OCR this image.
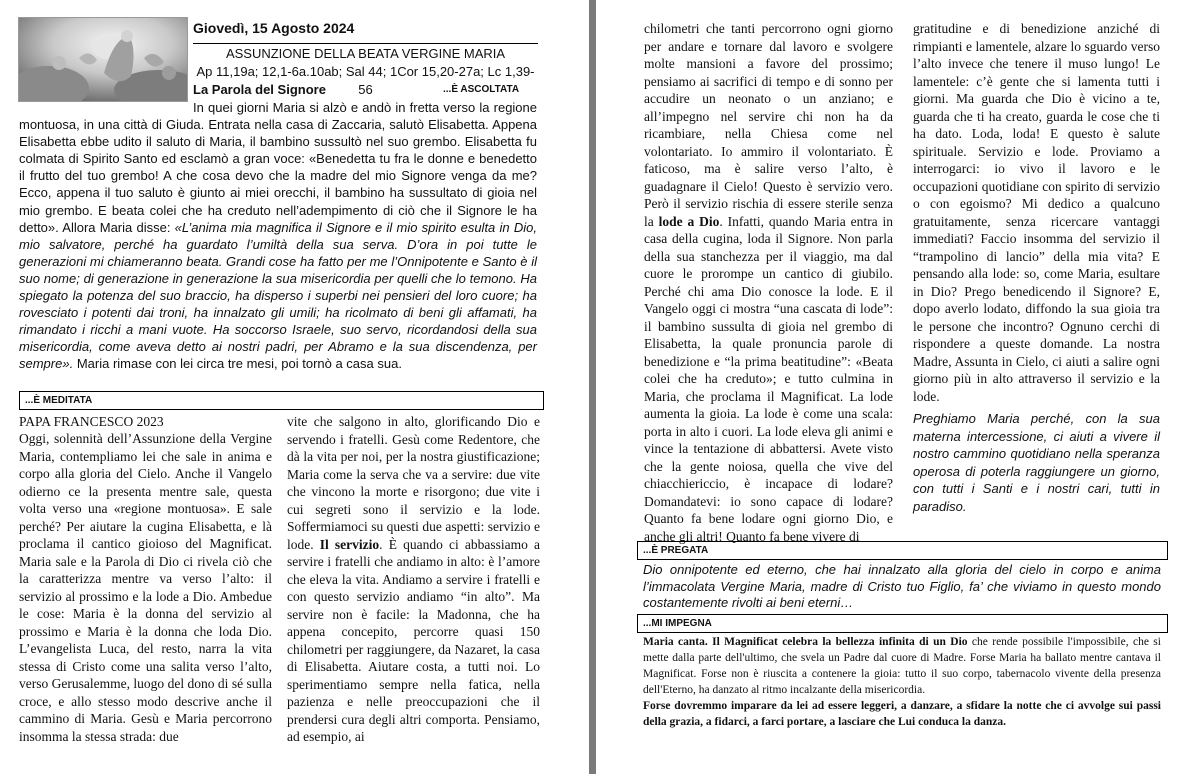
Giovedì, 15 Agosto 2024
ASSUNZIONE DELLA BEATA VERGINE MARIA
Ap 11,19a; 12,1-6a.10ab; Sal 44; 1Cor 15,20-27a; Lc 1,39-56
La Parola del Signore	...È ASCOLTATA

In quei giorni Maria si alzò e andò in fretta verso la regione montuosa, in una città di Giuda. Entrata nella casa di Zaccaria, salutò Elisabetta. Appena Elisabetta ebbe udito il saluto di Maria, il bambino sussultò nel suo grembo. Elisabetta fu colmata di Spirito Santo ed esclamò a gran voce: «Benedetta tu fra le donne e benedetto il frutto del tuo grembo! A che cosa devo che la madre del mio Signore venga da me? Ecco, appena il tuo saluto è giunto ai miei orecchi, il bambino ha sussultato di gioia nel mio grembo. E beata colei che ha creduto nell’adempimento di ciò che il Signore le ha detto». Allora Maria disse: «L’anima mia magnifica il Signore e il mio spirito esulta in Dio, mio salvatore, perché ha guardato l’umiltà della sua serva. D’ora in poi tutte le generazioni mi chiameranno beata. Grandi cose ha fatto per me l’Onnipotente e Santo è il suo nome; di generazione in generazione la sua misericordia per quelli che lo temono. Ha spiegato la potenza del suo braccio, ha disperso i superbi nei pensieri del loro cuore; ha rovesciato i potenti dai troni, ha innalzato gli umili; ha ricolmato di beni gli affamati, ha rimandato i ricchi a mani vuote. Ha soccorso Israele, suo servo, ricordandosi della sua misericordia, come aveva detto ai nostri padri, per Abramo e la sua discendenza, per sempre». Maria rimase con lei circa tre mesi, poi tornò a casa sua.

...È MEDITATA
PAPA FRANCESCO 2023
Oggi, solennità dell’Assunzione della Vergine Maria, contempliamo lei che sale in anima e corpo alla gloria del Cielo. Anche il Vangelo odierno ce la presenta mentre sale, questa volta verso una «regione montuosa». E sale perché? Per aiutare la cugina Elisabetta, e là proclama il cantico gioioso del Magnificat. Maria sale e la Parola di Dio ci rivela ciò che la caratterizza mentre va verso l’alto: il servizio al prossimo e la lode a Dio. Ambedue le cose: Maria è la donna del servizio al prossimo e Maria è la donna che loda Dio. L’evangelista Luca, del resto, narra la vita stessa di Cristo come una salita verso l’alto, verso Gerusalemme, luogo del dono di sé sulla croce, e allo stesso modo descrive anche il cammino di Maria. Gesù e Maria percorrono insomma la stessa strada: due
vite che salgono in alto, glorificando Dio e servendo i fratelli. Gesù come Redentore, che dà la vita per noi, per la nostra giustificazione; Maria come la serva che va a servire: due vite che vincono la morte e risorgono; due vite i cui segreti sono il servizio e la lode. Soffermiamoci su questi due aspetti: servizio e lode. Il servizio. È quando ci abbassiamo a servire i fratelli che andiamo in alto: è l’amore che eleva la vita. Andiamo a servire i fratelli e con questo servizio andiamo “in alto”. Ma servire non è facile: la Madonna, che ha appena concepito, percorre quasi 150 chilometri per raggiungere, da Nazaret, la casa di Elisabetta. Aiutare costa, a tutti noi. Lo sperimentiamo sempre nella fatica, nella pazienza e nelle preoccupazioni che il prendersi cura degli altri comporta. Pensiamo, ad esempio, ai
chilometri che tanti percorrono ogni giorno per andare e tornare dal lavoro e svolgere molte mansioni a favore del prossimo; pensiamo ai sacrifici di tempo e di sonno per accudire un neonato o un anziano; e all’impegno nel servire chi non ha da ricambiare, nella Chiesa come nel volontariato. Io ammiro il volontariato. È faticoso, ma è salire verso l’alto, è guadagnare il Cielo! Questo è servizio vero. Però il servizio rischia di essere sterile senza la lode a Dio. Infatti, quando Maria entra in casa della cugina, loda il Signore. Non parla della sua stanchezza per il viaggio, ma dal cuore le prorompe un cantico di giubilo. Perché chi ama Dio conosce la lode. E il Vangelo oggi ci mostra “una cascata di lode”: il bambino sussulta di gioia nel grembo di Elisabetta, la quale pronuncia parole di benedizione e “la prima beatitudine”: «Beata colei che ha creduto»; e tutto culmina in Maria, che proclama il Magnificat. La lode aumenta la gioia. La lode è come una scala: porta in alto i cuori. La lode eleva gli animi e vince la tentazione di abbattersi. Avete visto che la gente noiosa, quella che vive del chiacchiericcio, è incapace di lodare? Domandatevi: io sono capace di lodare? Quanto fa bene lodare ogni giorno Dio, e anche gli altri! Quanto fa bene vivere di
gratitudine e di benedizione anziché di rimpianti e lamentele, alzare lo sguardo verso l’alto invece che tenere il muso lungo! Le lamentele: c’è gente che si lamenta tutti i giorni. Ma guarda che Dio è vicino a te, guarda che ti ha creato, guarda le cose che ti ha dato. Loda, loda! E questo è salute spirituale. Servizio e lode. Proviamo a interrogarci: io vivo il lavoro e le occupazioni quotidiane con spirito di servizio o con egoismo? Mi dedico a qualcuno gratuitamente, senza ricercare vantaggi immediati? Faccio insomma del servizio il “trampolino di lancio” della mia vita? E pensando alla lode: so, come Maria, esultare in Dio? Prego benedicendo il Signore? E, dopo averlo lodato, diffondo la sua gioia tra le persone che incontro? Ognuno cerchi di rispondere a queste domande. La nostra Madre, Assunta in Cielo, ci aiuti a salire ogni giorno più in alto attraverso il servizio e la lode.
Preghiamo Maria perché, con la sua materna intercessione, ci aiuti a vivere il nostro cammino quotidiano nella speranza operosa di poterla raggiungere un giorno, con tutti i Santi e i nostri cari, tutti in paradiso.
...È PREGATA
Dio onnipotente ed eterno, che hai innalzato alla gloria del cielo in corpo e anima l’immacolata Vergine Maria, madre di Cristo tuo Figlio, fa’ che viviamo in questo mondo costantemente rivolti ai beni eterni…
...MI IMPEGNA

Maria canta. Il Magnificat celebra la bellezza infinita di un Dio che rende possibile l'impossibile, che si mette dalla parte dell'ultimo, che svela un Padre dal cuore di Madre. Forse Maria ha ballato mentre cantava il Magnificat. Forse non è riuscita a contenere la gioia: tutto il suo corpo, tabernacolo vivente della presenza dell'Eterno, ha danzato al ritmo incalzante della misericordia.

Forse dovremmo imparare da lei ad essere leggeri, a danzare, a sfidare la notte che ci avvolge sui passi della grazia, a fidarci, a farci portare, a lasciare che Lui conduca la danza.
